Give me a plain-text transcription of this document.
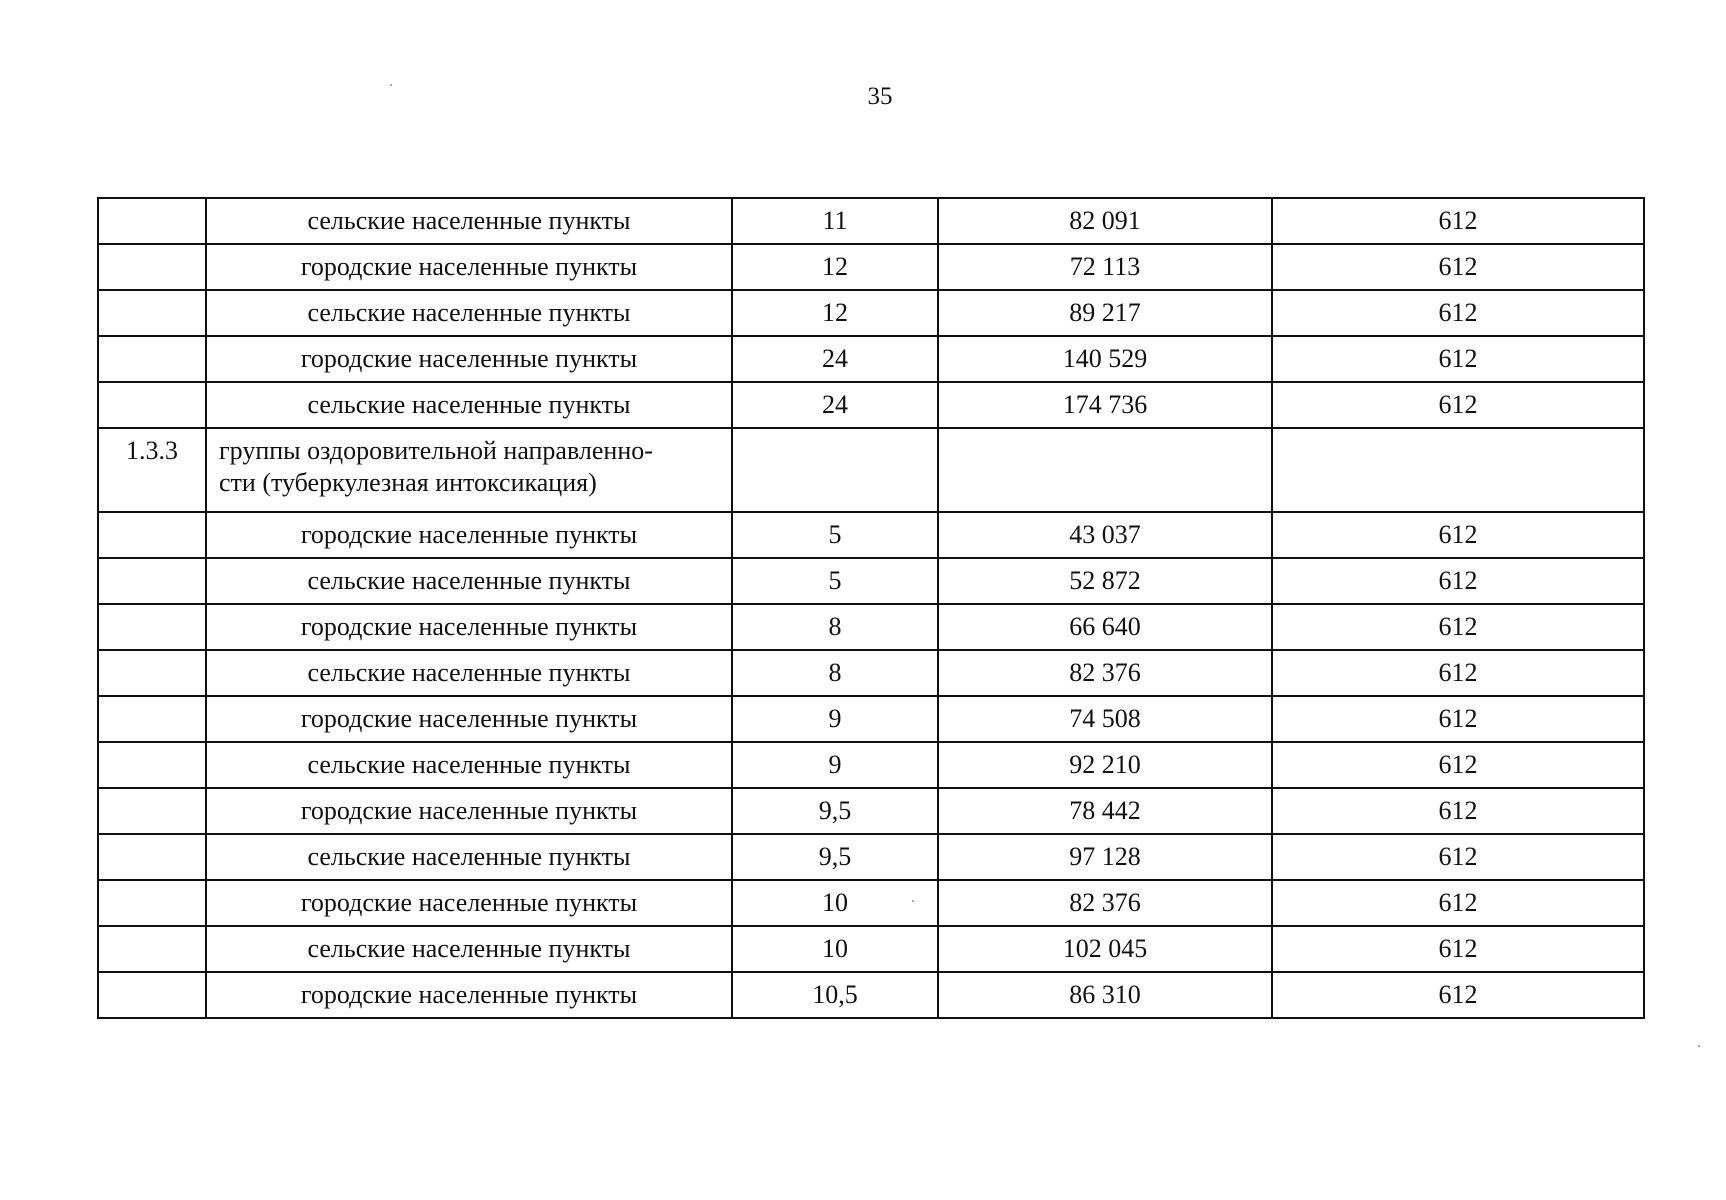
35
	сельские населенные пункты	11	82 091	612
	городские населенные пункты	12	72 113	612
	сельские населенные пункты	12	89 217	612
	городские населенные пункты	24	140 529	612
	сельские населенные пункты	24	174 736	612
1.3.3	группы оздоровительной направленно-
сти (туберкулезная интоксикация)			

	городские населенные пункты	5	43 037	612
	сельские населенные пункты	5	52 872	612
	городские населенные пункты	8	66 640	612
	сельские населенные пункты	8	82 376	612
	городские населенные пункты	9	74 508	612
	сельские населенные пункты	9	92 210	612
	городские населенные пункты	9,5	78 442	612
	сельские населенные пункты	9,5	97 128	612
	городские населенные пункты	10	82 376	612
	сельские населенные пункты	10	102 045	612
	городские населенные пункты	10,5	86 310	612
